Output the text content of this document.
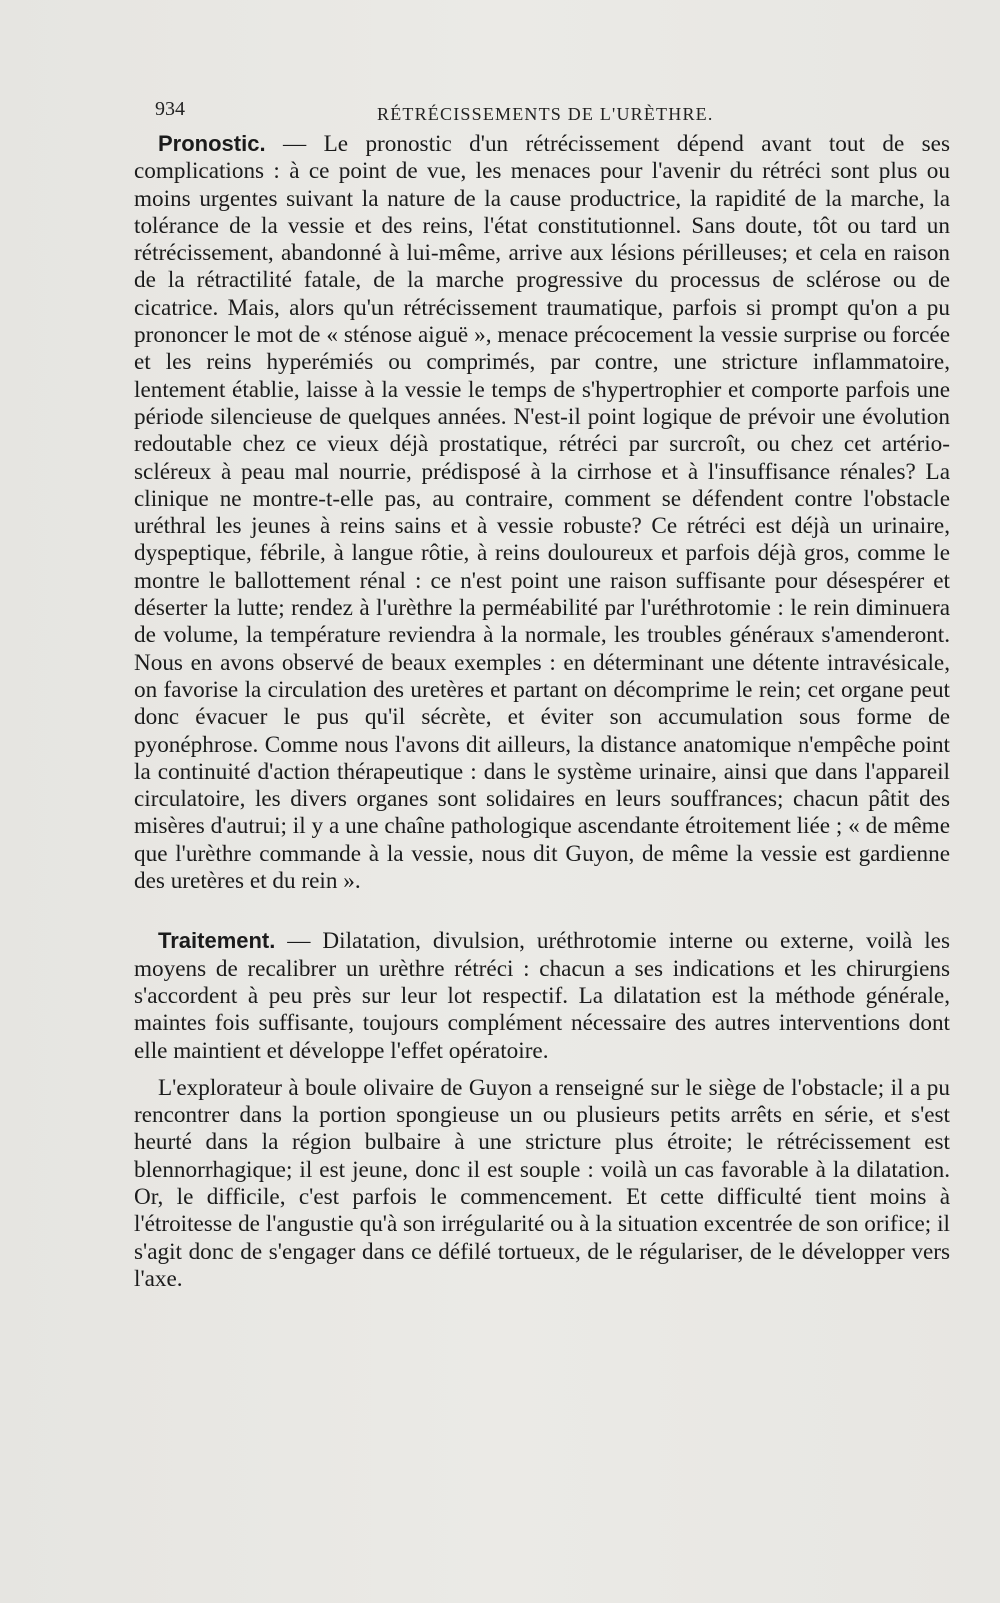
934	RÉTRÉCISSEMENTS DE L'URÈTHRE.

Pronostic. — Le pronostic d'un rétrécissement dépend avant tout de ses complications : à ce point de vue, les menaces pour l'avenir du rétréci sont plus ou moins urgentes suivant la nature de la cause productrice, la rapidité de la marche, la tolérance de la vessie et des reins, l'état constitutionnel. Sans doute, tôt ou tard un rétrécissement, abandonné à lui-même, arrive aux lésions périlleuses; et cela en raison de la rétractilité fatale, de la marche progressive du processus de sclérose ou de cicatrice. Mais, alors qu'un rétrécissement traumatique, parfois si prompt qu'on a pu prononcer le mot de « sténose aiguë », menace précocement la vessie surprise ou forcée et les reins hyperémiés ou comprimés, par contre, une stricture inflammatoire, lentement établie, laisse à la vessie le temps de s'hypertrophier et comporte parfois une période silencieuse de quelques années. N'est-il point logique de prévoir une évolution redoutable chez ce vieux déjà prostatique, rétréci par surcroît, ou chez cet artério-scléreux à peau mal nourrie, prédisposé à la cirrhose et à l'insuffisance rénales? La clinique ne montre-t-elle pas, au contraire, comment se défendent contre l'obstacle uréthral les jeunes à reins sains et à vessie robuste? Ce rétréci est déjà un urinaire, dyspeptique, fébrile, à langue rôtie, à reins douloureux et parfois déjà gros, comme le montre le ballottement rénal : ce n'est point une raison suffisante pour désespérer et déserter la lutte; rendez à l'urèthre la perméabilité par l'uréthrotomie : le rein diminuera de volume, la température reviendra à la normale, les troubles généraux s'amenderont. Nous en avons observé de beaux exemples : en déterminant une détente intravésicale, on favorise la circulation des uretères et partant on décomprime le rein; cet organe peut donc évacuer le pus qu'il sécrète, et éviter son accumulation sous forme de pyonéphrose. Comme nous l'avons dit ailleurs, la distance anatomique n'empêche point la continuité d'action thérapeutique : dans le système urinaire, ainsi que dans l'appareil circulatoire, les divers organes sont solidaires en leurs souffrances; chacun pâtit des misères d'autrui; il y a une chaîne pathologique ascendante étroitement liée ; « de même que l'urèthre commande à la vessie, nous dit Guyon, de même la vessie est gardienne des uretères et du rein ».

Traitement. — Dilatation, divulsion, uréthrotomie interne ou externe, voilà les moyens de recalibrer un urèthre rétréci : chacun a ses indications et les chirurgiens s'accordent à peu près sur leur lot respectif. La dilatation est la méthode générale, maintes fois suffisante, toujours complément nécessaire des autres interventions dont elle maintient et développe l'effet opératoire.

L'explorateur à boule olivaire de Guyon a renseigné sur le siège de l'obstacle; il a pu rencontrer dans la portion spongieuse un ou plusieurs petits arrêts en série, et s'est heurté dans la région bulbaire à une stricture plus étroite; le rétrécissement est blennorrhagique; il est jeune, donc il est souple : voilà un cas favorable à la dilatation. Or, le difficile, c'est parfois le commencement. Et cette difficulté tient moins à l'étroitesse de l'angustie qu'à son irrégularité ou à la situation excentrée de son orifice; il s'agit donc de s'engager dans ce défilé tortueux, de le régulariser, de le développer vers l'axe.
